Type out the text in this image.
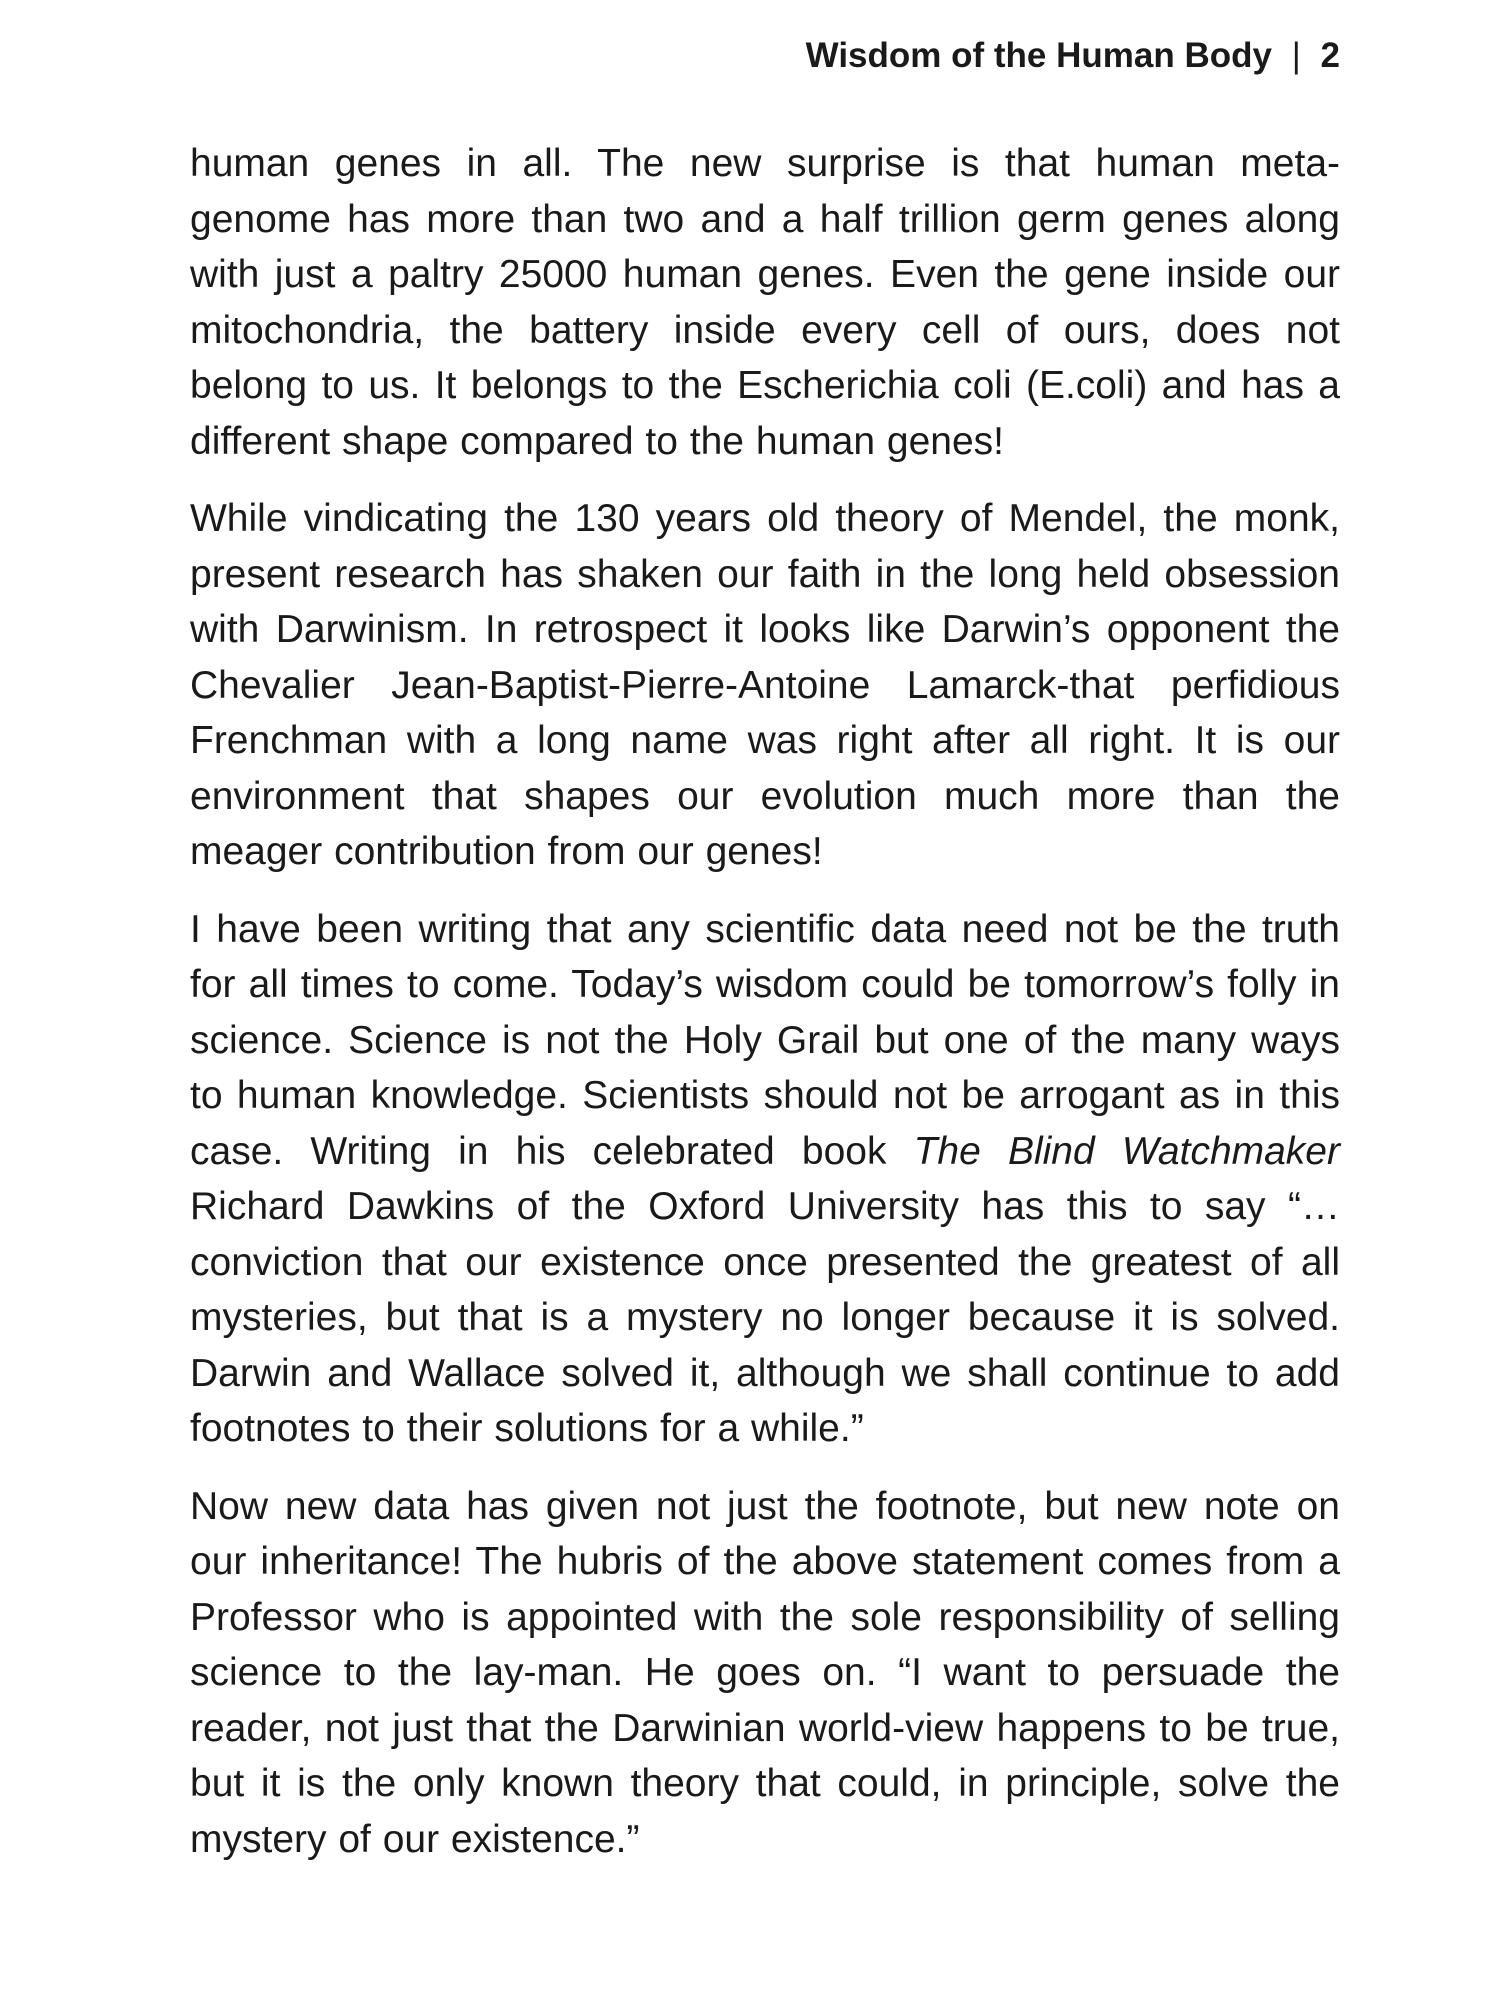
Wisdom of the Human Body | 2

human genes in all. The new surprise is that human meta-genome has more than two and a half trillion germ genes along with just a paltry 25000 human genes. Even the gene inside our mitochondria, the battery inside every cell of ours, does not belong to us. It belongs to the Escherichia coli (E.coli) and has a different shape compared to the human genes!

While vindicating the 130 years old theory of Mendel, the monk, present research has shaken our faith in the long held obsession with Darwinism. In retrospect it looks like Darwin’s opponent the Chevalier Jean-Baptist-Pierre-Antoine Lamarck-that perfidious Frenchman with a long name was right after all right. It is our environment that shapes our evolution much more than the meager contribution from our genes!

I have been writing that any scientific data need not be the truth for all times to come. Today’s wisdom could be tomorrow’s folly in science. Science is not the Holy Grail but one of the many ways to human knowledge. Scientists should not be arrogant as in this case. Writing in his celebrated book The Blind Watchmaker Richard Dawkins of the Oxford University has this to say “…conviction that our existence once presented the greatest of all mysteries, but that is a mystery no longer because it is solved. Darwin and Wallace solved it, although we shall continue to add footnotes to their solutions for a while.”

Now new data has given not just the footnote, but new note on our inheritance! The hubris of the above statement comes from a Professor who is appointed with the sole responsibility of selling science to the lay-man. He goes on. “I want to persuade the reader, not just that the Darwinian world-view happens to be true, but it is the only known theory that could, in principle, solve the mystery of our existence.”
